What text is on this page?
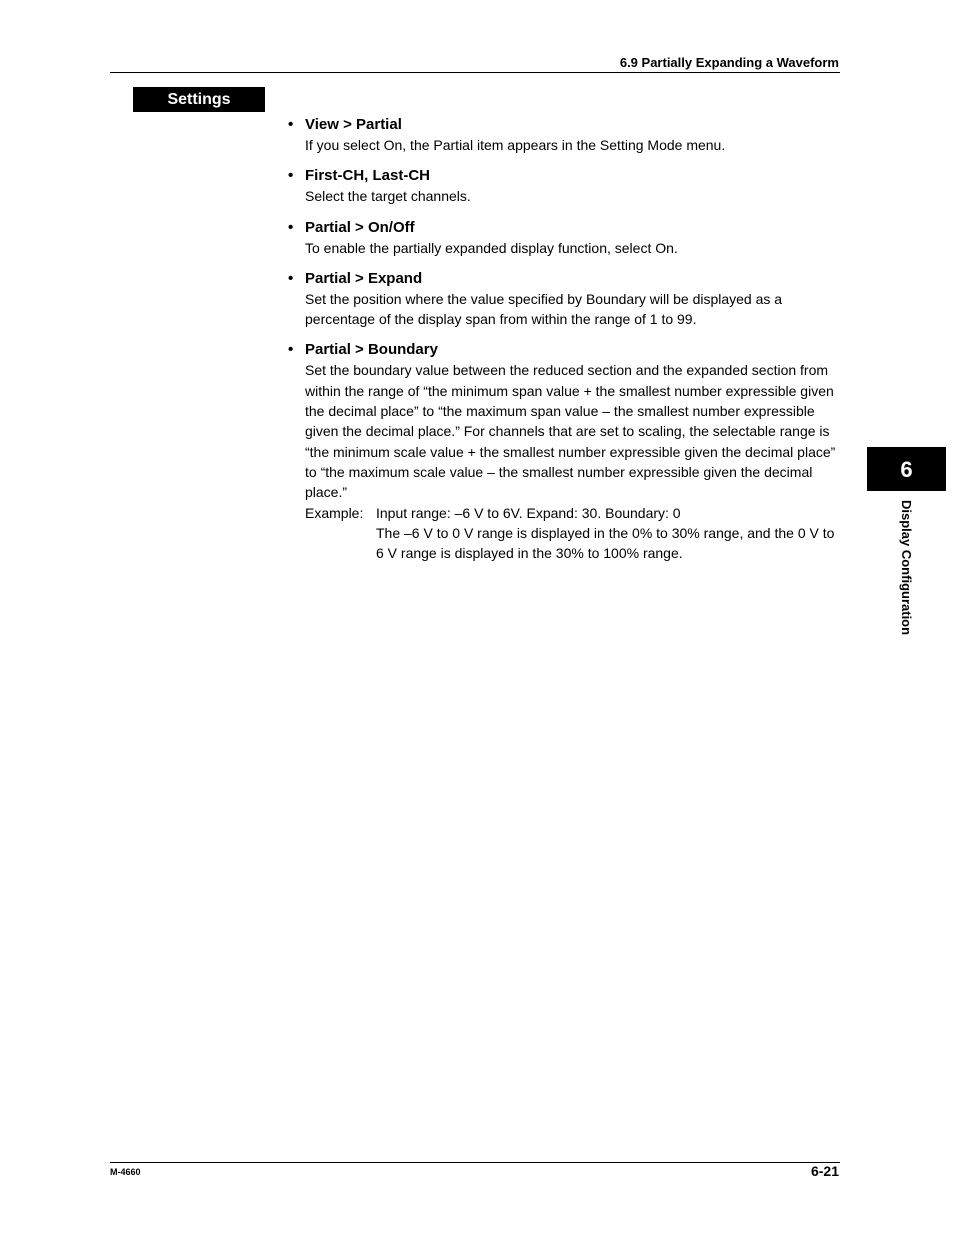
6.9 Partially Expanding a Waveform
Settings
• View > Partial
If you select On, the Partial item appears in the Setting Mode menu.
• First-CH, Last-CH
Select the target channels.
• Partial > On/Off
To enable the partially expanded display function, select On.
• Partial > Expand
Set the position where the value specified by Boundary will be displayed as a percentage of the display span from within the range of 1 to 99.
• Partial > Boundary
Set the boundary value between the reduced section and the expanded section from within the range of “the minimum span value + the smallest number expressible given the decimal place” to “the maximum span value – the smallest number expressible given the decimal place.” For channels that are set to scaling, the selectable range is “the minimum scale value + the smallest number expressible given the decimal place” to “the maximum scale value – the smallest number expressible given the decimal place.”
Example: Input range: –6 V to 6V. Expand: 30. Boundary: 0
The –6 V to 0 V range is displayed in the 0% to 30% range, and the 0 V to 6 V range is displayed in the 30% to 100% range.
6
Display Configuration
M-4660	6-21
